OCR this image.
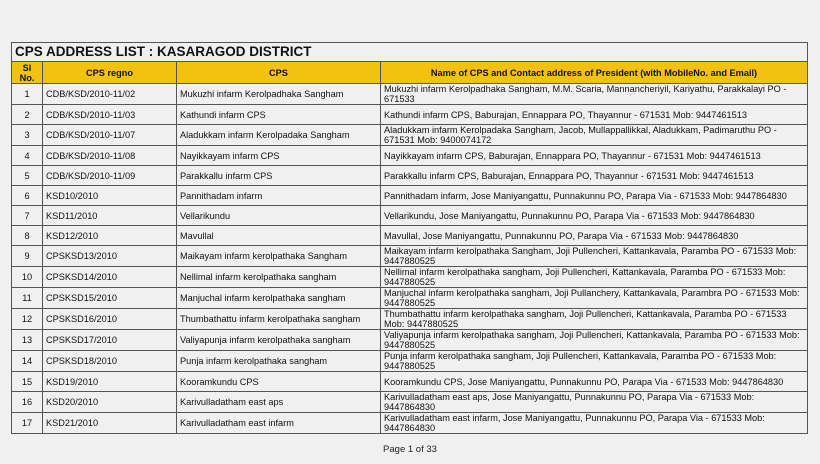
CPS ADDRESS LIST : KASARAGOD DISTRICT			
Sl No.	CPS regno	CPS	Name of CPS and Contact address of President (with MobileNo. and Email)
1	CDB/KSD/2010-11/02	Mukuzhi infarm Kerolpadhaka Sangham	Mukuzhi infarm Kerolpadhaka Sangham, M.M. Scaria, Mannancheriyil, Kariyathu, Parakkalayi PO - 671533
2	CDB/KSD/2010-11/03	Kathundi infarm CPS	Kathundi infarm CPS, Baburajan, Ennappara PO, Thayannur - 671531 Mob: 9447461513
3	CDB/KSD/2010-11/07	Aladukkam infarm Kerolpadaka Sangham	Aladukkam infarm Kerolpadaka Sangham, Jacob, Mullappallikkal, Aladukkam, Padimaruthu PO - 671531 Mob: 9400074172
4	CDB/KSD/2010-11/08	Nayikkayam infarm CPS	Nayikkayam infarm CPS, Baburajan, Ennappara PO, Thayannur - 671531 Mob: 9447461513
5	CDB/KSD/2010-11/09	Parakkallu infarm CPS	Parakkallu infarm CPS, Baburajan, Ennappara PO, Thayannur - 671531 Mob: 9447461513
6	KSD10/2010	Pannithadam infarm	Pannithadam infarm, Jose Maniyangattu, Punnakunnu PO, Parapa Via - 671533 Mob: 9447864830
7	KSD11/2010	Vellarikundu	Vellarikundu, Jose Maniyangattu, Punnakunnu PO, Parapa Via - 671533 Mob: 9447864830
8	KSD12/2010	Mavullal	Mavullal, Jose Maniyangattu, Punnakunnu PO, Parapa Via - 671533 Mob: 9447864830
9	CPSKSD13/2010	Maikayam infarm kerolpathaka Sangham	Maikayam infarm kerolpathaka Sangham, Joji Pullencheri, Kattankavala, Paramba PO - 671533 Mob: 9447880525
10	CPSKSD14/2010	Nellimal infarm kerolpathaka sangham	Nellimal infarm kerolpathaka sangham, Joji Pullencheri, Kattankavala, Paramba PO - 671533 Mob: 9447880525
11	CPSKSD15/2010	Manjuchal infarm kerolpathaka sangham	Manjuchal infarm kerolpathaka sangham, Joji Pullanchery, Kattankavala, Parambra PO - 671533 Mob: 9447880525
12	CPSKSD16/2010	Thumbathattu infarm kerolpathaka sangham	Thumbathattu infarm kerolpathaka sangham, Joji Pullencheri, Kattankavala, Paramba PO - 671533 Mob: 9447880525
13	CPSKSD17/2010	Valiyapunja infarm kerolpathaka sangham	Valiyapunja infarm kerolpathaka sangham, Joji Pullencheri, Kattankavala, Paramba PO - 671533 Mob: 9447880525
14	CPSKSD18/2010	Punja infarm kerolpathaka sangham	Punja infarm kerolpathaka sangham, Joji Pullencheri, Kattankavala, Paramba PO - 671533 Mob: 9447880525
15	KSD19/2010	Kooramkundu CPS	Kooramkundu CPS, Jose Maniyangattu, Punnakunnu PO, Parapa Via - 671533 Mob: 9447864830
16	KSD20/2010	Karivulladatham east aps	Karivulladatham east aps, Jose Maniyangattu, Punnakunnu PO, Parapa Via - 671533 Mob: 9447864830
17	KSD21/2010	Karivulladatham east infarm	Karivulladatham east infarm, Jose Maniyangattu, Punnakunnu PO, Parapa Via - 671533 Mob: 9447864830
Page 1 of 33
